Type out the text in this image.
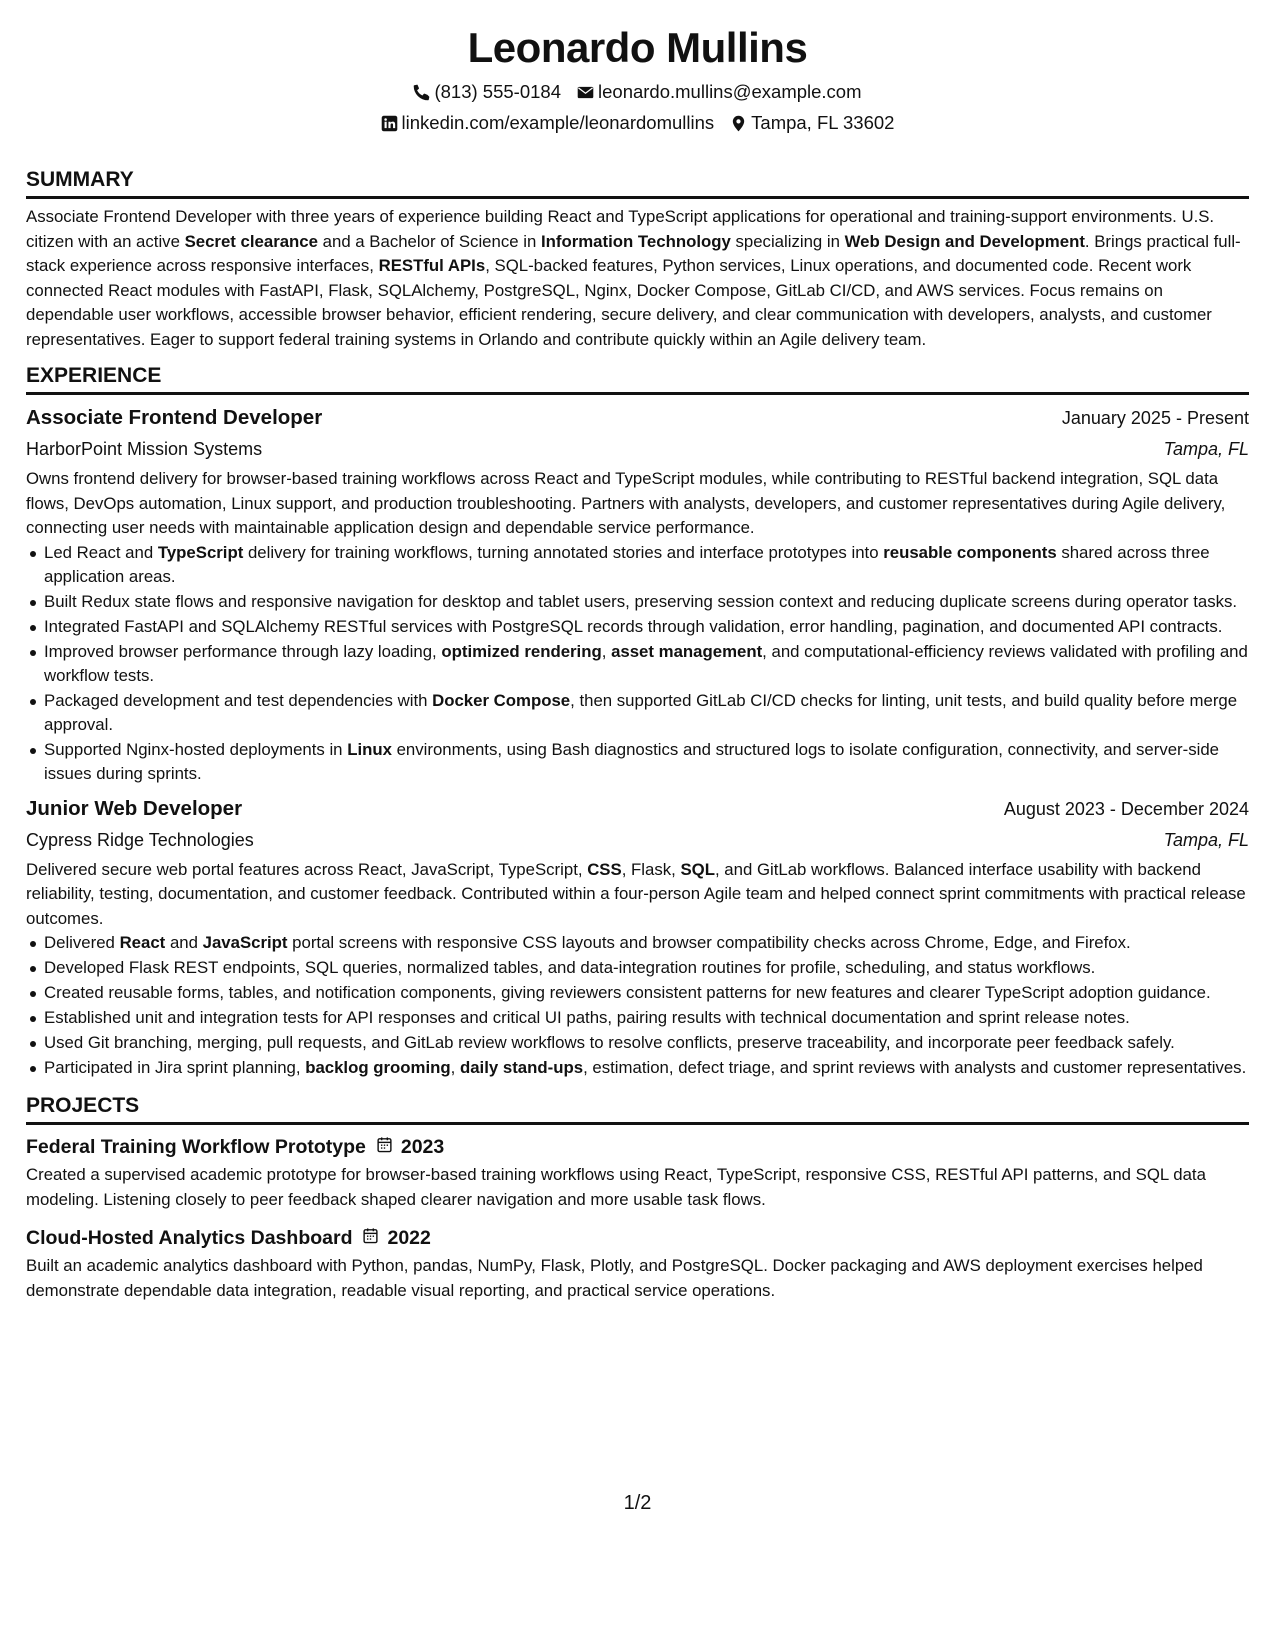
Leonardo Mullins
(813) 555-0184 leonardo.mullins@example.com
linkedin.com/example/leonardomullins Tampa, FL 33602
SUMMARY

Associate Frontend Developer with three years of experience building React and TypeScript applications for operational and training-support environments. U.S. citizen with an active Secret clearance and a Bachelor of Science in Information Technology specializing in Web Design and Development. Brings practical full-stack experience across responsive interfaces, RESTful APIs, SQL-backed features, Python services, Linux operations, and documented code. Recent work connected React modules with FastAPI, Flask, SQLAlchemy, PostgreSQL, Nginx, Docker Compose, GitLab CI/CD, and AWS services. Focus remains on dependable user workflows, accessible browser behavior, efficient rendering, secure delivery, and clear communication with developers, analysts, and customer representatives. Eager to support federal training systems in Orlando and contribute quickly within an Agile delivery team.

EXPERIENCE
Associate Frontend Developer	January 2025 - Present
HarborPoint Mission Systems	Tampa, FL

Owns frontend delivery for browser-based training workflows across React and TypeScript modules, while contributing to RESTful backend integration, SQL data flows, DevOps automation, Linux support, and production troubleshooting. Partners with analysts, developers, and customer representatives during Agile delivery, connecting user needs with maintainable application design and dependable service performance.

Led React and TypeScript delivery for training workflows, turning annotated stories and interface prototypes into reusable components shared across three application areas.
Built Redux state flows and responsive navigation for desktop and tablet users, preserving session context and reducing duplicate screens during operator tasks.
Integrated FastAPI and SQLAlchemy RESTful services with PostgreSQL records through validation, error handling, pagination, and documented API contracts.
Improved browser performance through lazy loading, optimized rendering, asset management, and computational-efficiency reviews validated with profiling and workflow tests.
Packaged development and test dependencies with Docker Compose, then supported GitLab CI/CD checks for linting, unit tests, and build quality before merge approval.
Supported Nginx-hosted deployments in Linux environments, using Bash diagnostics and structured logs to isolate configuration, connectivity, and server-side issues during sprints.
Junior Web Developer	August 2023 - December 2024
Cypress Ridge Technologies	Tampa, FL

Delivered secure web portal features across React, JavaScript, TypeScript, CSS, Flask, SQL, and GitLab workflows. Balanced interface usability with backend reliability, testing, documentation, and customer feedback. Contributed within a four-person Agile team and helped connect sprint commitments with practical release outcomes.

Delivered React and JavaScript portal screens with responsive CSS layouts and browser compatibility checks across Chrome, Edge, and Firefox.
Developed Flask REST endpoints, SQL queries, normalized tables, and data-integration routines for profile, scheduling, and status workflows.
Created reusable forms, tables, and notification components, giving reviewers consistent patterns for new features and clearer TypeScript adoption guidance.
Established unit and integration tests for API responses and critical UI paths, pairing results with technical documentation and sprint release notes.
Used Git branching, merging, pull requests, and GitLab review workflows to resolve conflicts, preserve traceability, and incorporate peer feedback safely.
Participated in Jira sprint planning, backlog grooming, daily stand-ups, estimation, defect triage, and sprint reviews with analysts and customer representatives.
PROJECTS
Federal Training Workflow Prototype 2023

Created a supervised academic prototype for browser-based training workflows using React, TypeScript, responsive CSS, RESTful API patterns, and SQL data modeling. Listening closely to peer feedback shaped clearer navigation and more usable task flows.

Cloud-Hosted Analytics Dashboard 2022

Built an academic analytics dashboard with Python, pandas, NumPy, Flask, Plotly, and PostgreSQL. Docker packaging and AWS deployment exercises helped demonstrate dependable data integration, readable visual reporting, and practical service operations.

1/2
